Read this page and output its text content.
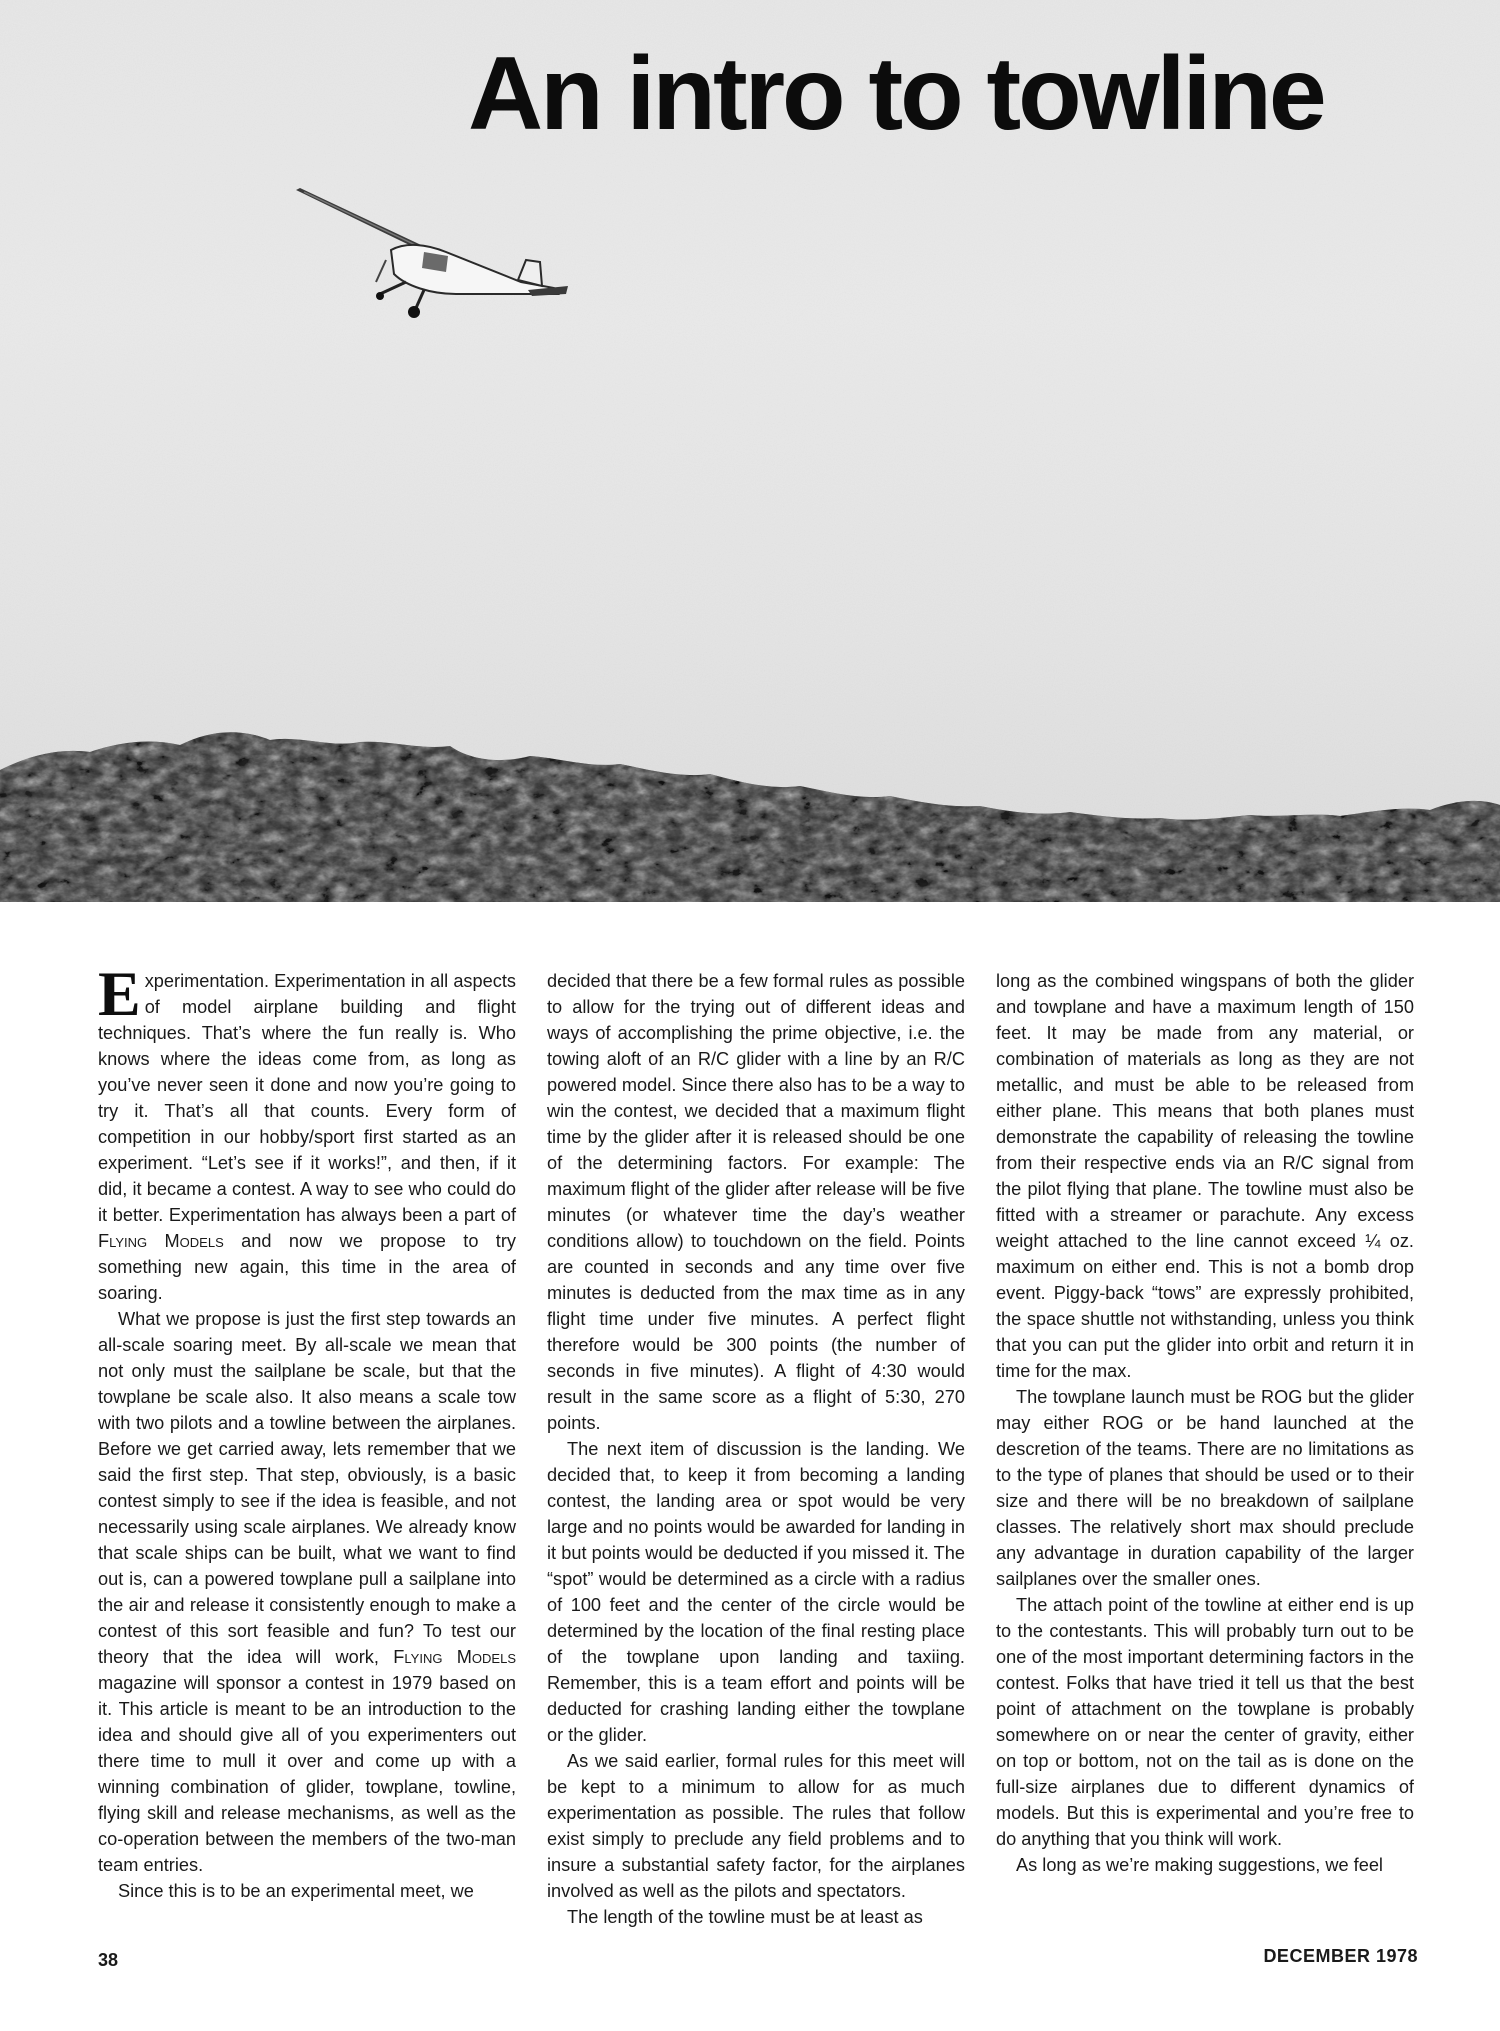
An intro to towline

Experimentation. Experimentation in all aspects of model airplane building and flight techniques. That’s where the fun really is. Who knows where the ideas come from, as long as you’ve never seen it done and now you’re going to try it. That’s all that counts. Every form of competition in our hobby/sport first started as an experiment. “Let’s see if it works!”, and then, if it did, it became a contest. A way to see who could do it better. Experimentation has always been a part of Flying Models and now we propose to try something new again, this time in the area of soaring.

What we propose is just the first step towards an all-scale soaring meet. By all-scale we mean that not only must the sailplane be scale, but that the towplane be scale also. It also means a scale tow with two pilots and a towline between the airplanes. Before we get carried away, lets remember that we said the first step. That step, obviously, is a basic contest simply to see if the idea is feasible, and not necessarily using scale airplanes. We already know that scale ships can be built, what we want to find out is, can a powered towplane pull a sailplane into the air and release it consistently enough to make a contest of this sort feasible and fun? To test our theory that the idea will work, Flying Models magazine will sponsor a contest in 1979 based on it. This article is meant to be an introduction to the idea and should give all of you experimenters out there time to mull it over and come up with a winning combination of glider, towplane, towline, flying skill and release mechanisms, as well as the co-operation between the members of the two-man team entries.

Since this is to be an experimental meet, we

decided that there be a few formal rules as possible to allow for the trying out of different ideas and ways of accomplishing the prime objective, i.e. the towing aloft of an R/C glider with a line by an R/C powered model. Since there also has to be a way to win the contest, we decided that a maximum flight time by the glider after it is released should be one of the determining factors. For example: The maximum flight of the glider after release will be five minutes (or whatever time the day’s weather conditions allow) to touchdown on the field. Points are counted in seconds and any time over five minutes is deducted from the max time as in any flight time under five minutes. A perfect flight therefore would be 300 points (the number of seconds in five minutes). A flight of 4:30 would result in the same score as a flight of 5:30, 270 points.

The next item of discussion is the landing. We decided that, to keep it from becoming a landing contest, the landing area or spot would be very large and no points would be awarded for landing in it but points would be deducted if you missed it. The “spot” would be determined as a circle with a radius of 100 feet and the center of the circle would be determined by the location of the final resting place of the towplane upon landing and taxiing. Remember, this is a team effort and points will be deducted for crashing landing either the towplane or the glider.

As we said earlier, formal rules for this meet will be kept to a minimum to allow for as much experimentation as possible. The rules that follow exist simply to preclude any field problems and to insure a substantial safety factor, for the airplanes involved as well as the pilots and spectators.

The length of the towline must be at least as

long as the combined wingspans of both the glider and towplane and have a maximum length of 150 feet. It may be made from any material, or combination of materials as long as they are not metallic, and must be able to be released from either plane. This means that both planes must demonstrate the capability of releasing the towline from their respective ends via an R/C signal from the pilot flying that plane. The towline must also be fitted with a streamer or parachute. Any excess weight attached to the line cannot exceed ¼ oz. maximum on either end. This is not a bomb drop event. Piggy-back “tows” are expressly prohibited, the space shuttle not withstanding, unless you think that you can put the glider into orbit and return it in time for the max.

The towplane launch must be ROG but the glider may either ROG or be hand launched at the descretion of the teams. There are no limitations as to the type of planes that should be used or to their size and there will be no breakdown of sailplane classes. The relatively short max should preclude any advantage in duration capability of the larger sailplanes over the smaller ones.

The attach point of the towline at either end is up to the contestants. This will probably turn out to be one of the most important determining factors in the contest. Folks that have tried it tell us that the best point of attachment on the towplane is probably somewhere on or near the center of gravity, either on top or bottom, not on the tail as is done on the full-size airplanes due to different dynamics of models. But this is experimental and you’re free to do anything that you think will work.

As long as we’re making suggestions, we feel

38	DECEMBER 1978
